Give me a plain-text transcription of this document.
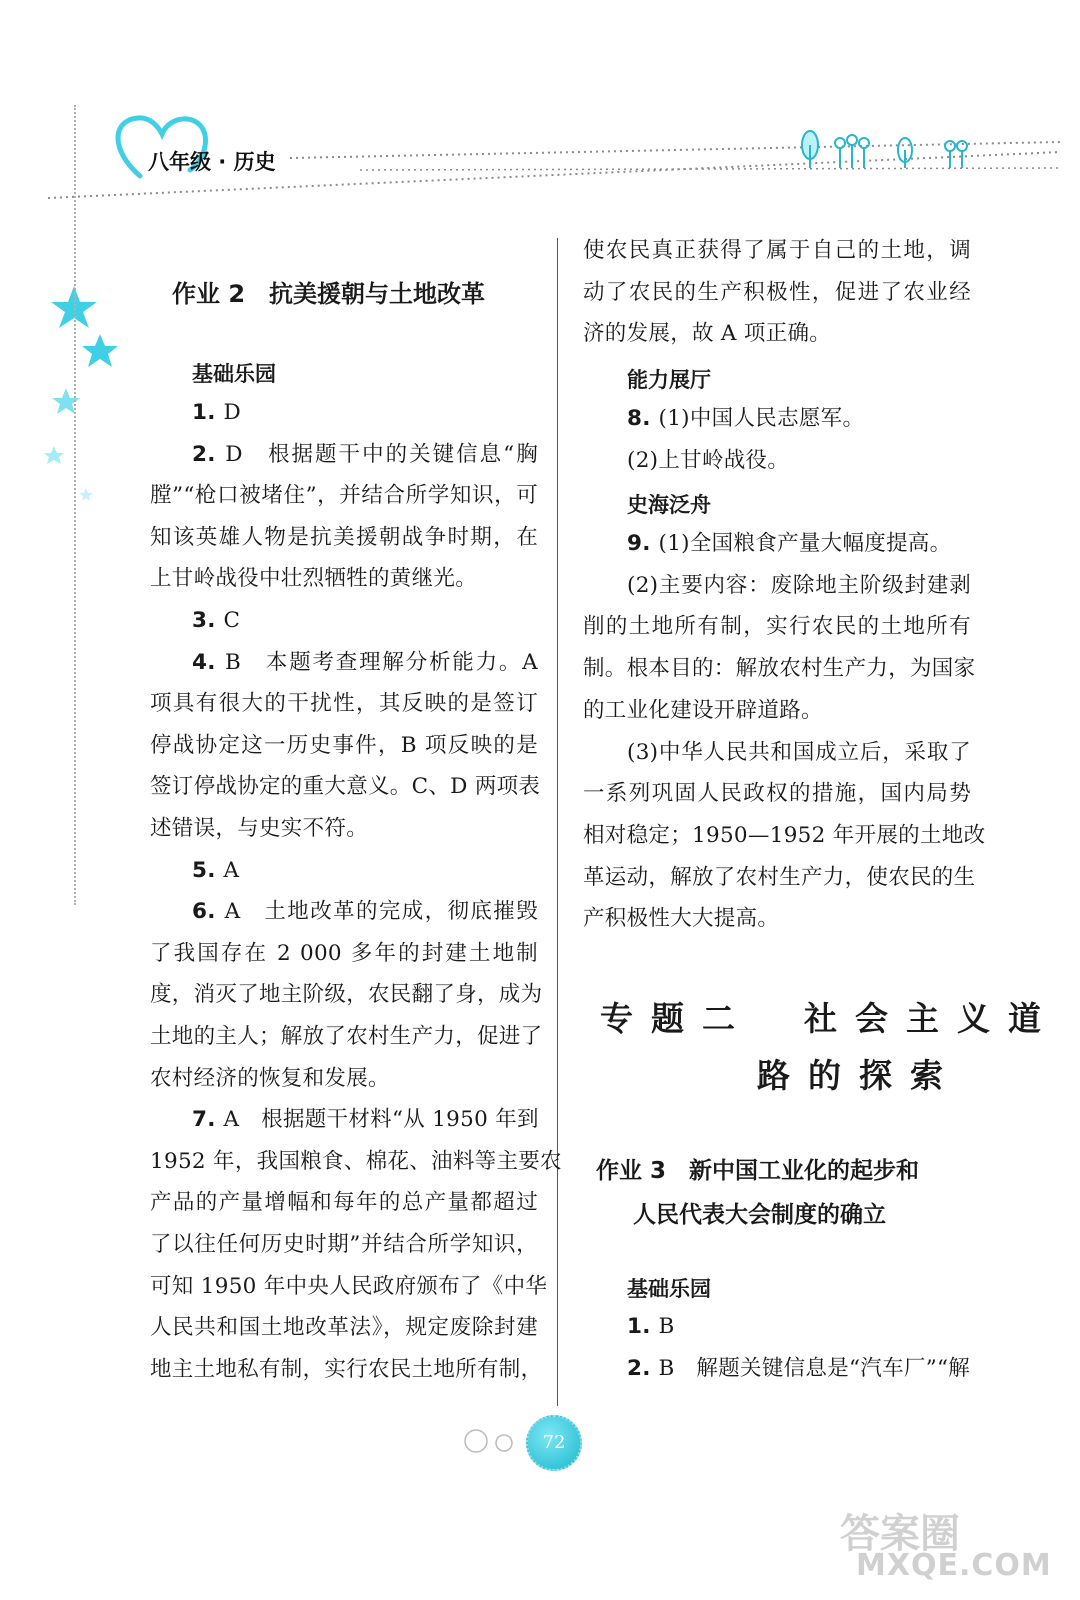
八年级 · 历史
作业 2　抗美援朝与土地改革
基础乐园
1. D
2. D　根据题干中的关键信息“胸
膛”“枪口被堵住”，并结合所学知识，可
知该英雄人物是抗美援朝战争时期，在
上甘岭战役中壮烈牺牲的黄继光。
3. C
4. B　本题考查理解分析能力。A
项具有很大的干扰性，其反映的是签订
停战协定这一历史事件，B 项反映的是
签订停战协定的重大意义。C、D 两项表
述错误，与史实不符。
5. A
6. A　土地改革的完成，彻底摧毁
了我国存在 2 000 多年的封建土地制
度，消灭了地主阶级，农民翻了身，成为
土地的主人；解放了农村生产力，促进了
农村经济的恢复和发展。
7. A　根据题干材料“从 1950 年到
1952 年，我国粮食、棉花、油料等主要农
产品的产量增幅和每年的总产量都超过
了以往任何历史时期”并结合所学知识，
可知 1950 年中央人民政府颁布了《中华
人民共和国土地改革法》，规定废除封建
地主土地私有制，实行农民土地所有制，
使农民真正获得了属于自己的土地，调
动了农民的生产积极性，促进了农业经
济的发展，故 A 项正确。
能力展厅
8. (1)中国人民志愿军。
(2)上甘岭战役。
史海泛舟
9. (1)全国粮食产量大幅度提高。
(2)主要内容：废除地主阶级封建剥
削的土地所有制，实行农民的土地所有
制。根本目的：解放农村生产力，为国家
的工业化建设开辟道路。
(3)中华人民共和国成立后，采取了
一系列巩固人民政权的措施，国内局势
相对稳定；1950—1952 年开展的土地改
革运动，解放了农村生产力，使农民的生
产积极性大大提高。
专题二　社会主义道
路的探索
作业 3　新中国工业化的起步和
人民代表大会制度的确立
基础乐园
1. B
2. B　解题关键信息是“汽车厂”“解
72
答案圈
MXQE.COM
